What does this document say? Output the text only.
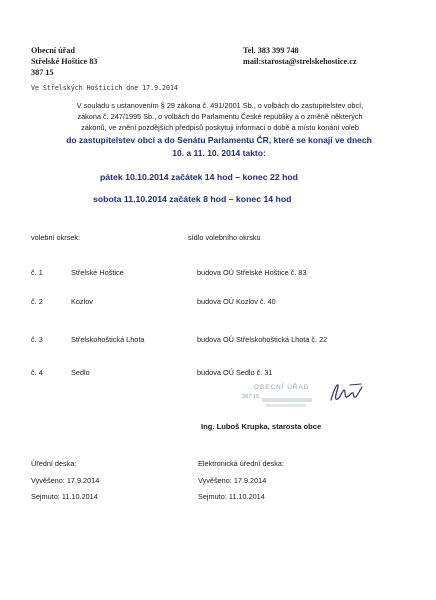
Obecní úřad
Střelské Hoštice 83
387 15
Tel. 383 399 748
mail:starosta@strelskehostice.cz
Ve Střelských Hošticích dne 17.9.2014
V souladu s ustanovením § 29 zákona č. 491/2001 Sb., o volbách do zastupitelstev obcí,
zákona č. 247/1995 Sb., o volbách do Parlamentu České republiky a o změně některých
zákonů, ve znění pozdějších předpisů poskytuji informaci o době a místu konání voleb
do zastupitelstev obcí a do Senátu Parlamentu ČR, které se konají ve dnech
10. a 11. 10. 2014 takto:
pátek 10.10.2014 začátek 14 hod – konec 22 hod
sobota 11.10.2014 začátek 8 hod – konec 14 hod
volební okrsek:	sídlo volebního okrsku
č. 1	Střelské Hoštice	budova OÚ Střelské Hoštice č. 83
č. 2	Kozlov	budova OÚ Kozlov č. 40
č. 3	Střelskohoštická Lhota	budova OÚ Střelskohoštická Lhota č. 22
č. 4	Sedlo	budova OÚ Sedlo č. 31
OBECNÍ ÚŘAD
387 15
Ing. Luboš Krupka, starosta obce
Úřední deska:
Vyvěšeno: 17.9.2014
Sejmuto: 11.10.2014
Elektronická úřední deska:
Vyvěšeno: 17.9.2014
Sejmuto: 11.10.2014
